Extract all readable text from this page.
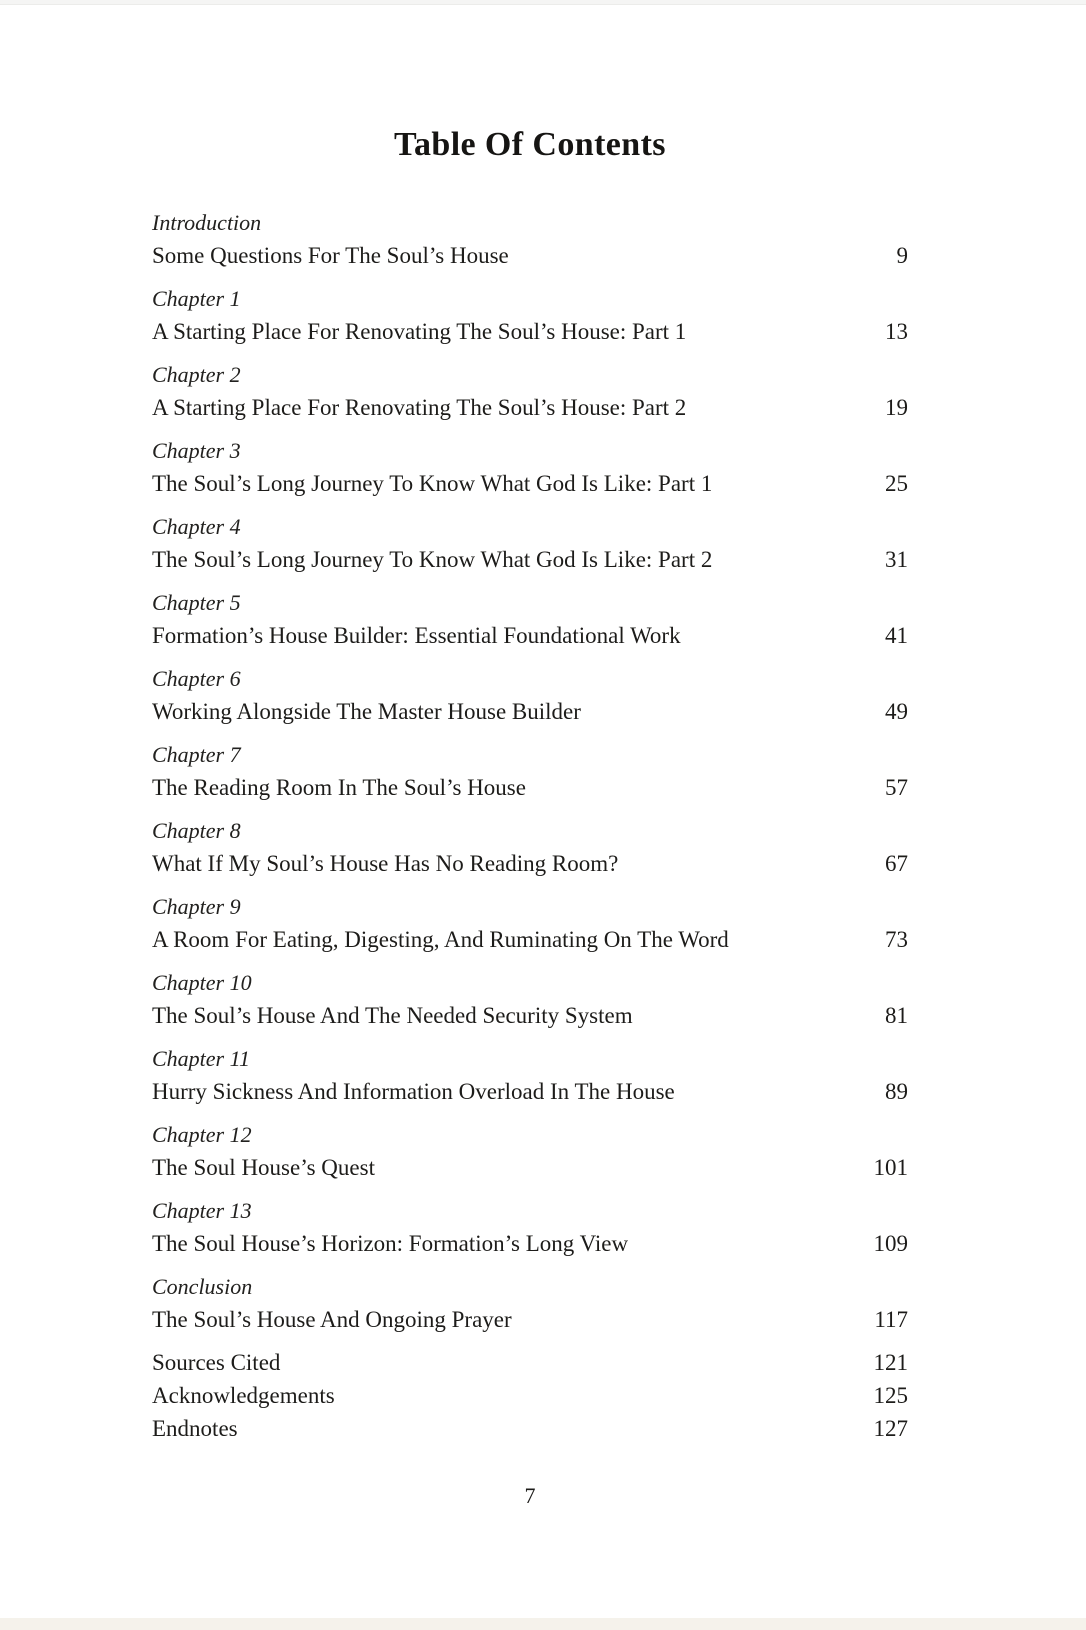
Table Of Contents
Introduction
Some Questions For The Soul’s House	9
Chapter 1
A Starting Place For Renovating The Soul’s House: Part 1	13
Chapter 2
A Starting Place For Renovating The Soul’s House: Part 2	19
Chapter 3
The Soul’s Long Journey To Know What God Is Like: Part 1	25
Chapter 4
The Soul’s Long Journey To Know What God Is Like: Part 2	31
Chapter 5
Formation’s House Builder: Essential Foundational Work	41
Chapter 6
Working Alongside The Master House Builder	49
Chapter 7
The Reading Room In The Soul’s House	57
Chapter 8
What If My Soul’s House Has No Reading Room?	67
Chapter 9
A Room For Eating, Digesting, And Ruminating On The Word	73
Chapter 10
The Soul’s House And The Needed Security System	81
Chapter 11
Hurry Sickness And Information Overload In The House	89
Chapter 12
The Soul House’s Quest	101
Chapter 13
The Soul House’s Horizon: Formation’s Long View	109
Conclusion
The Soul’s House And Ongoing Prayer	117
Sources Cited	121
Acknowledgements	125
Endnotes	127
7
